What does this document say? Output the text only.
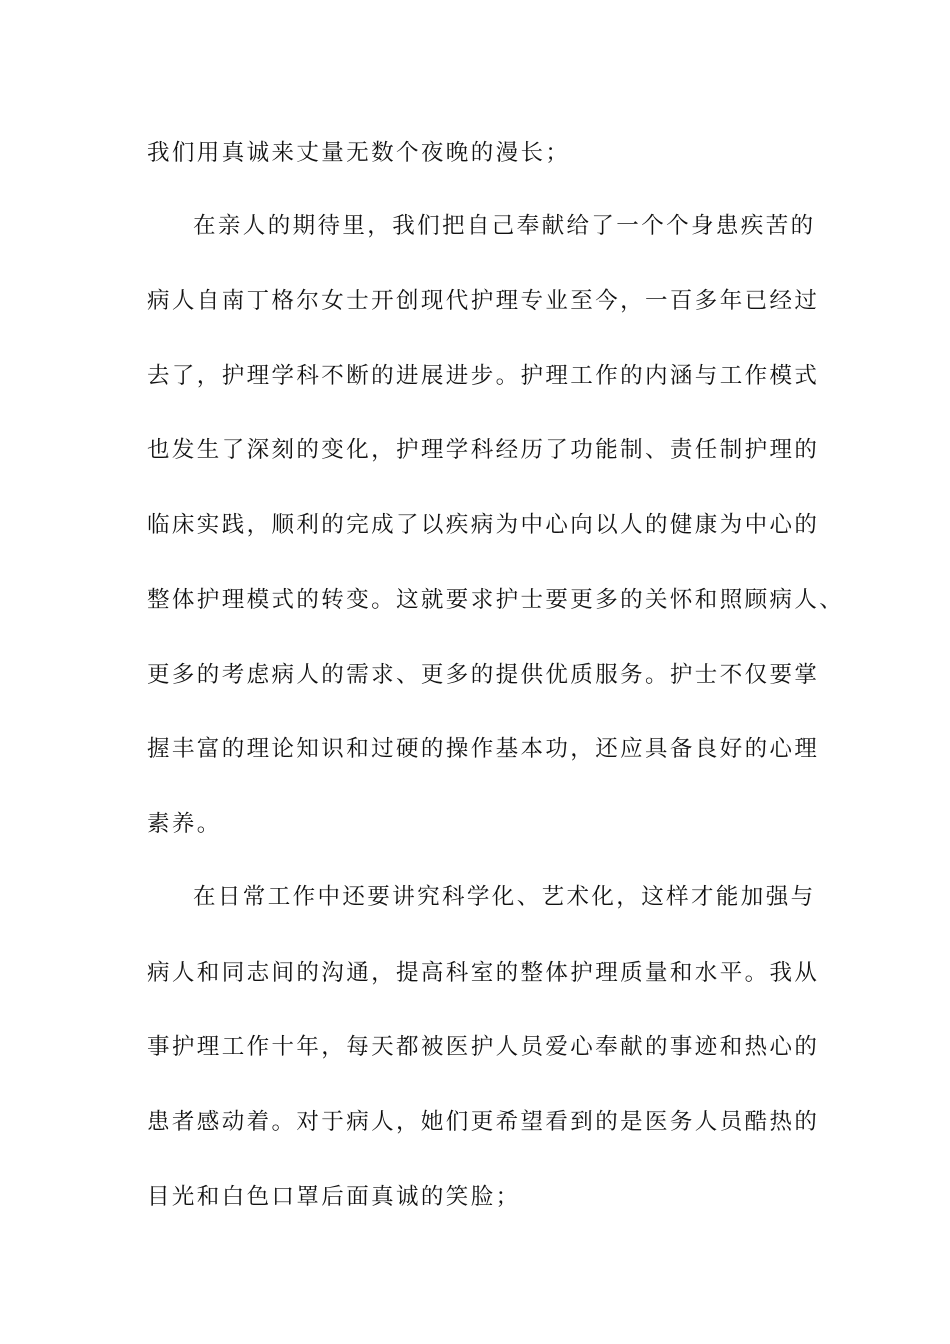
我们用真诚来丈量无数个夜晚的漫长；
在亲人的期待里，我们把自己奉献给了一个个身患疾苦的
病人自南丁格尔女士开创现代护理专业至今，一百多年已经过
去了，护理学科不断的进展进步。护理工作的内涵与工作模式
也发生了深刻的变化，护理学科经历了功能制、责任制护理的
临床实践，顺利的完成了以疾病为中心向以人的健康为中心的
整体护理模式的转变。这就要求护士要更多的关怀和照顾病人、
更多的考虑病人的需求、更多的提供优质服务。护士不仅要掌
握丰富的理论知识和过硬的操作基本功，还应具备良好的心理
素养。
在日常工作中还要讲究科学化、艺术化，这样才能加强与
病人和同志间的沟通，提高科室的整体护理质量和水平。我从
事护理工作十年，每天都被医护人员爱心奉献的事迹和热心的
患者感动着。对于病人，她们更希望看到的是医务人员酷热的
目光和白色口罩后面真诚的笑脸；
